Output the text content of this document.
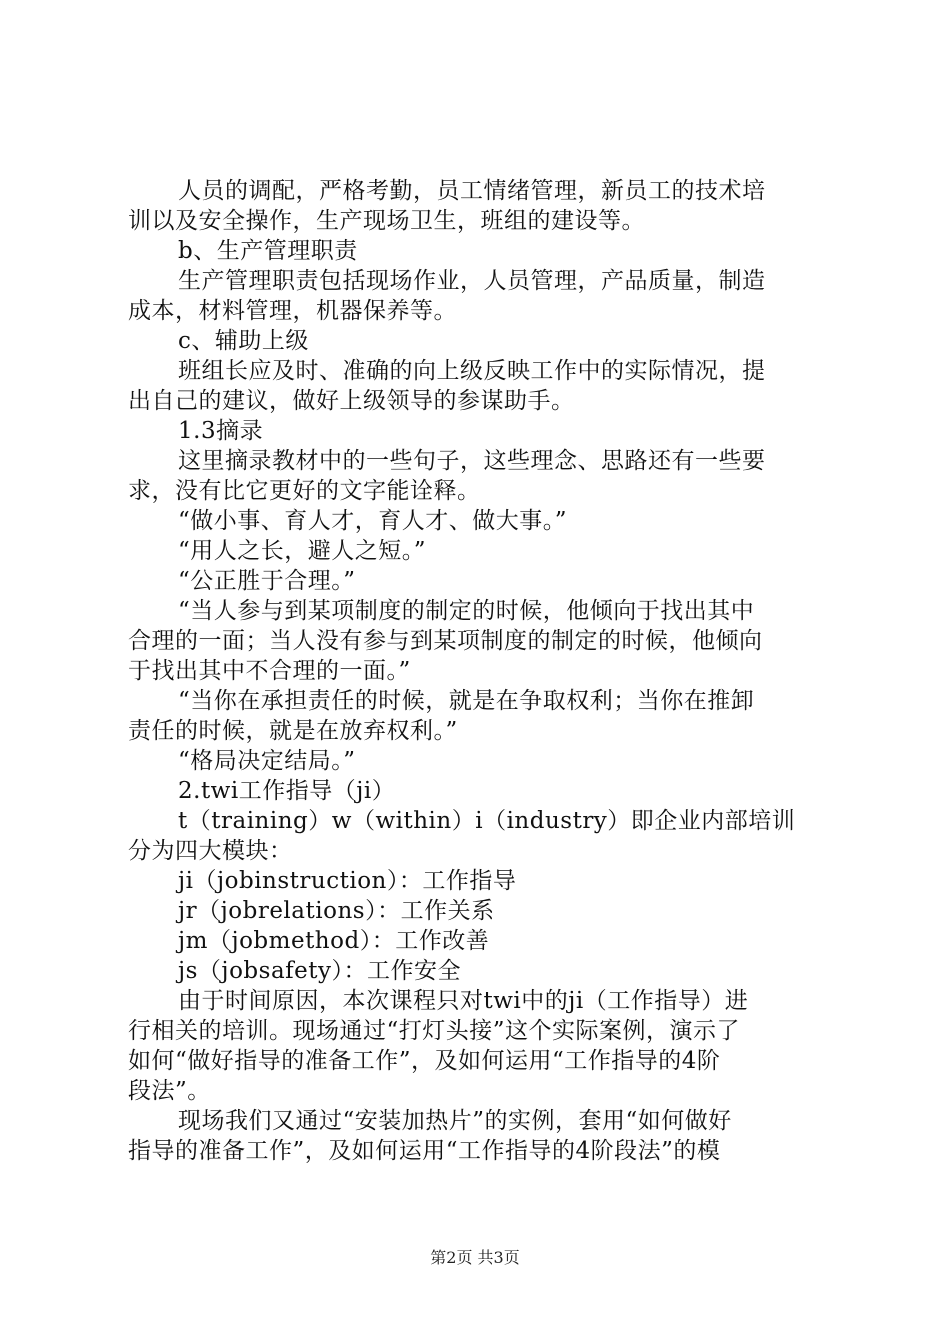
人员的调配，严格考勤，员工情绪管理，新员工的技术培
训以及安全操作，生产现场卫生，班组的建设等。
b、生产管理职责
生产管理职责包括现场作业，人员管理，产品质量，制造
成本，材料管理，机器保养等。
c、辅助上级
班组长应及时、准确的向上级反映工作中的实际情况，提
出自己的建议，做好上级领导的参谋助手。
1.3摘录
这里摘录教材中的一些句子，这些理念、思路还有一些要
求，没有比它更好的文字能诠释。
“做小事、育人才，育人才、做大事。”
“用人之长，避人之短。”
“公正胜于合理。”
“当人参与到某项制度的制定的时候，他倾向于找出其中
合理的一面；当人没有参与到某项制度的制定的时候，他倾向
于找出其中不合理的一面。”
“当你在承担责任的时候，就是在争取权利；当你在推卸
责任的时候，就是在放弃权利。”
“格局决定结局。”
2.twi工作指导（ji）
t（training）w（within）i（industry）即企业内部培训
分为四大模块：
ji（jobinstruction）：工作指导
jr（jobrelations）：工作关系
jm（jobmethod）：工作改善
js（jobsafety）：工作安全
由于时间原因，本次课程只对twi中的ji（工作指导）进
行相关的培训。现场通过“打灯头接”这个实际案例，演示了
如何“做好指导的准备工作”，及如何运用“工作指导的4阶
段法”。
现场我们又通过“安装加热片”的实例，套用“如何做好
指导的准备工作”，及如何运用“工作指导的4阶段法”的模
第2页 共3页
